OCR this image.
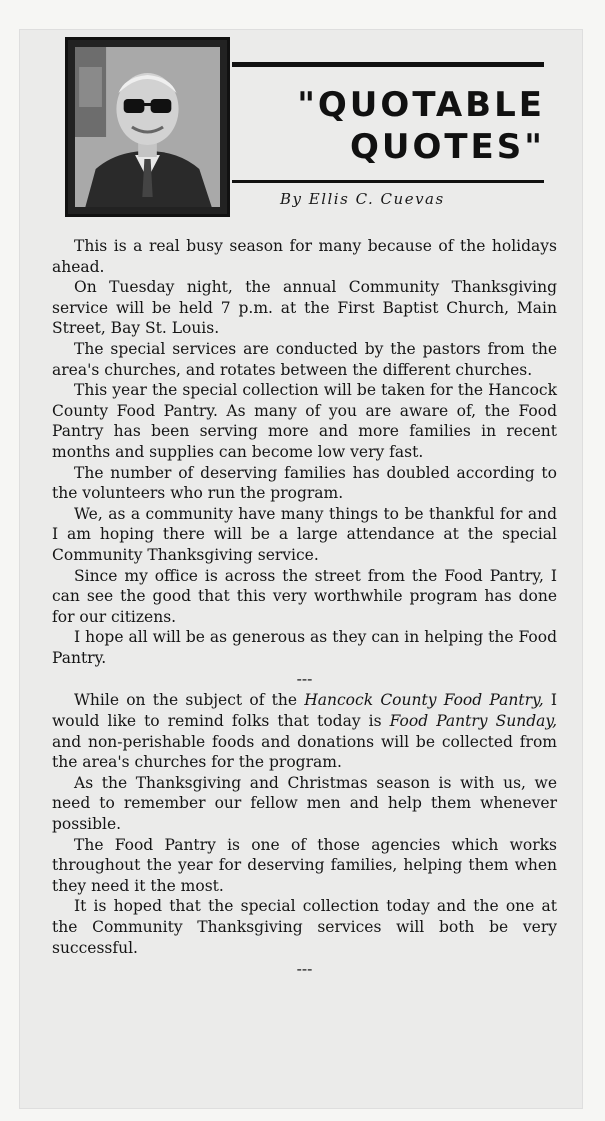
"QUOTABLE
QUOTES"
By Ellis C. Cuevas

This is a real busy season for many because of the holidays ahead.

On Tuesday night, the annual Community Thanksgiving service will be held 7 p.m. at the First Baptist Church, Main Street, Bay St. Louis.

The special services are conducted by the pastors from the area's churches, and rotates between the different churches.

This year the special collection will be taken for the Hancock County Food Pantry. As many of you are aware of, the Food Pantry has been serving more and more families in recent months and supplies can become low very fast.

The number of deserving families has doubled according to the volunteers who run the program.

We, as a community have many things to be thankful for and I am hoping there will be a large attendance at the special Community Thanksgiving service.

Since my office is across the street from the Food Pantry, I can see the good that this very worthwhile program has done for our citizens.

I hope all will be as generous as they can in helping the Food Pantry.

---

While on the subject of the Hancock County Food Pantry, I would like to remind folks that today is Food Pantry Sunday, and non-perishable foods and donations will be collected from the area's churches for the program.

As the Thanksgiving and Christmas season is with us, we need to remember our fellow men and help them whenever possible.

The Food Pantry is one of those agencies which works throughout the year for deserving families, helping them when they need it the most.

It is hoped that the special collection today and the one at the Community Thanksgiving services will both be very successful.

---
